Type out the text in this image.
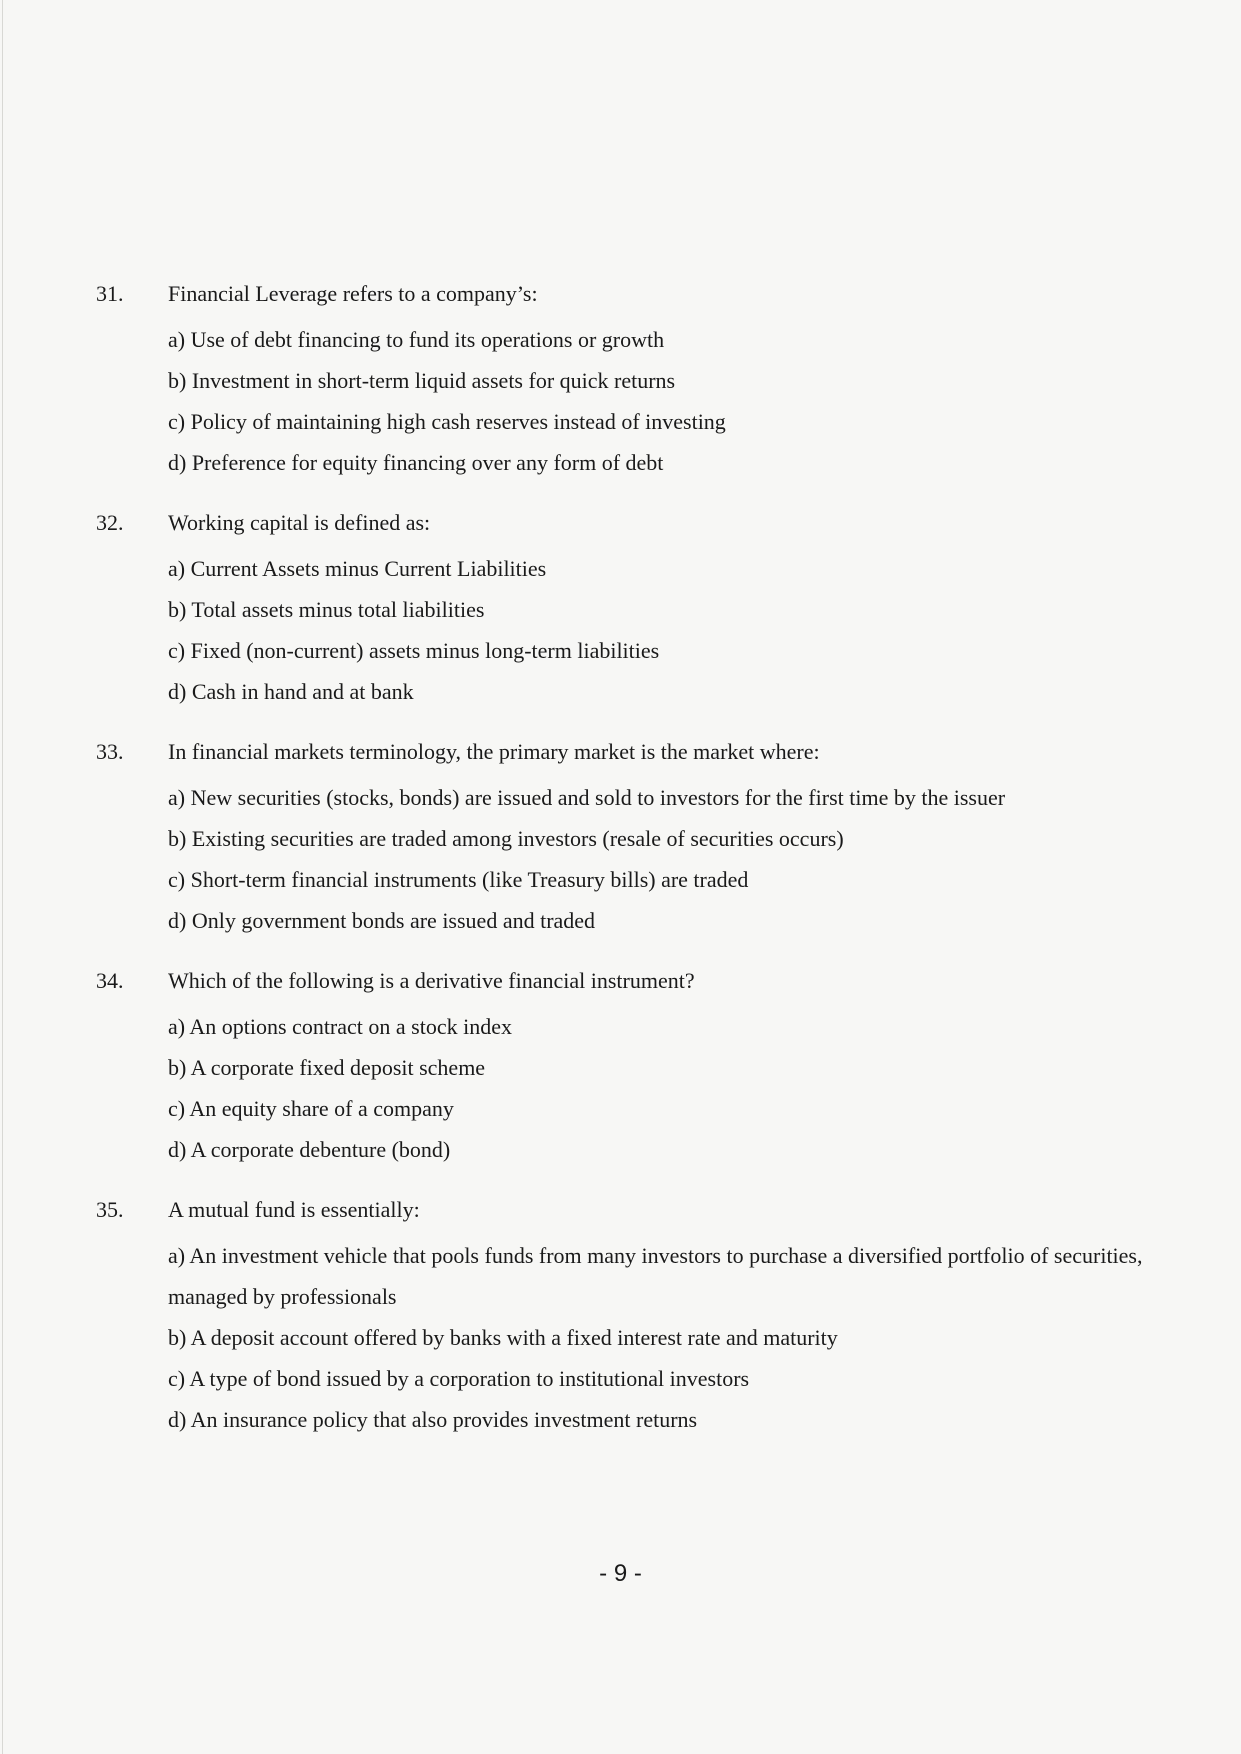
31. Financial Leverage refers to a company’s:
a) Use of debt financing to fund its operations or growth
b) Investment in short-term liquid assets for quick returns
c) Policy of maintaining high cash reserves instead of investing
d) Preference for equity financing over any form of debt
32. Working capital is defined as:
a) Current Assets minus Current Liabilities
b) Total assets minus total liabilities
c) Fixed (non-current) assets minus long-term liabilities
d) Cash in hand and at bank
33. In financial markets terminology, the primary market is the market where:
a) New securities (stocks, bonds) are issued and sold to investors for the first time by the issuer
b) Existing securities are traded among investors (resale of securities occurs)
c) Short-term financial instruments (like Treasury bills) are traded
d) Only government bonds are issued and traded
34. Which of the following is a derivative financial instrument?
a) An options contract on a stock index
b) A corporate fixed deposit scheme
c) An equity share of a company
d) A corporate debenture (bond)
35. A mutual fund is essentially:
a) An investment vehicle that pools funds from many investors to purchase a diversified portfolio of securities, managed by professionals
b) A deposit account offered by banks with a fixed interest rate and maturity
c) A type of bond issued by a corporation to institutional investors
d) An insurance policy that also provides investment returns
- 9 -
